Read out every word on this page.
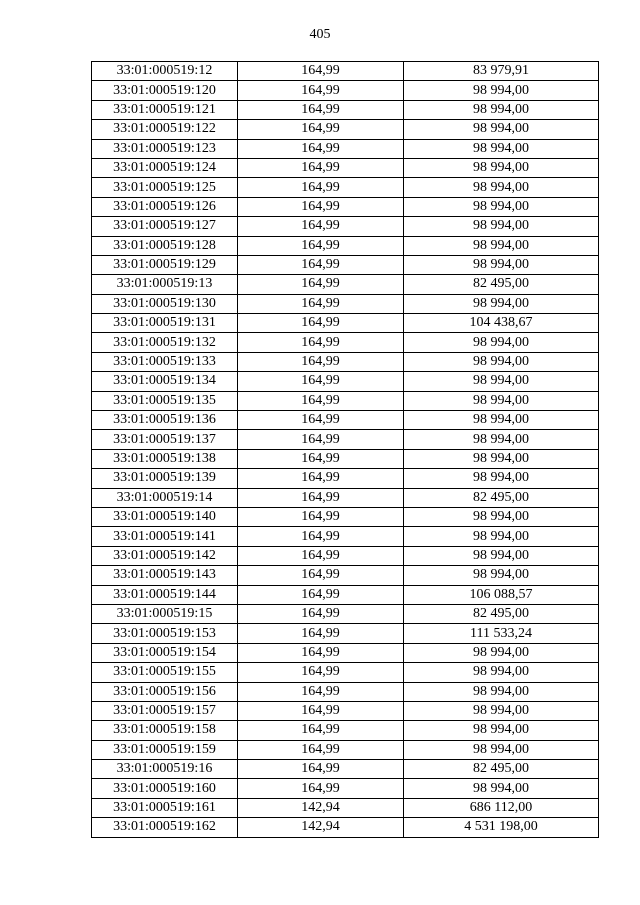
405
33:01:000519:12	164,99	83 979,91
33:01:000519:120	164,99	98 994,00
33:01:000519:121	164,99	98 994,00
33:01:000519:122	164,99	98 994,00
33:01:000519:123	164,99	98 994,00
33:01:000519:124	164,99	98 994,00
33:01:000519:125	164,99	98 994,00
33:01:000519:126	164,99	98 994,00
33:01:000519:127	164,99	98 994,00
33:01:000519:128	164,99	98 994,00
33:01:000519:129	164,99	98 994,00
33:01:000519:13	164,99	82 495,00
33:01:000519:130	164,99	98 994,00
33:01:000519:131	164,99	104 438,67
33:01:000519:132	164,99	98 994,00
33:01:000519:133	164,99	98 994,00
33:01:000519:134	164,99	98 994,00
33:01:000519:135	164,99	98 994,00
33:01:000519:136	164,99	98 994,00
33:01:000519:137	164,99	98 994,00
33:01:000519:138	164,99	98 994,00
33:01:000519:139	164,99	98 994,00
33:01:000519:14	164,99	82 495,00
33:01:000519:140	164,99	98 994,00
33:01:000519:141	164,99	98 994,00
33:01:000519:142	164,99	98 994,00
33:01:000519:143	164,99	98 994,00
33:01:000519:144	164,99	106 088,57
33:01:000519:15	164,99	82 495,00
33:01:000519:153	164,99	111 533,24
33:01:000519:154	164,99	98 994,00
33:01:000519:155	164,99	98 994,00
33:01:000519:156	164,99	98 994,00
33:01:000519:157	164,99	98 994,00
33:01:000519:158	164,99	98 994,00
33:01:000519:159	164,99	98 994,00
33:01:000519:16	164,99	82 495,00
33:01:000519:160	164,99	98 994,00
33:01:000519:161	142,94	686 112,00
33:01:000519:162	142,94	4 531 198,00
